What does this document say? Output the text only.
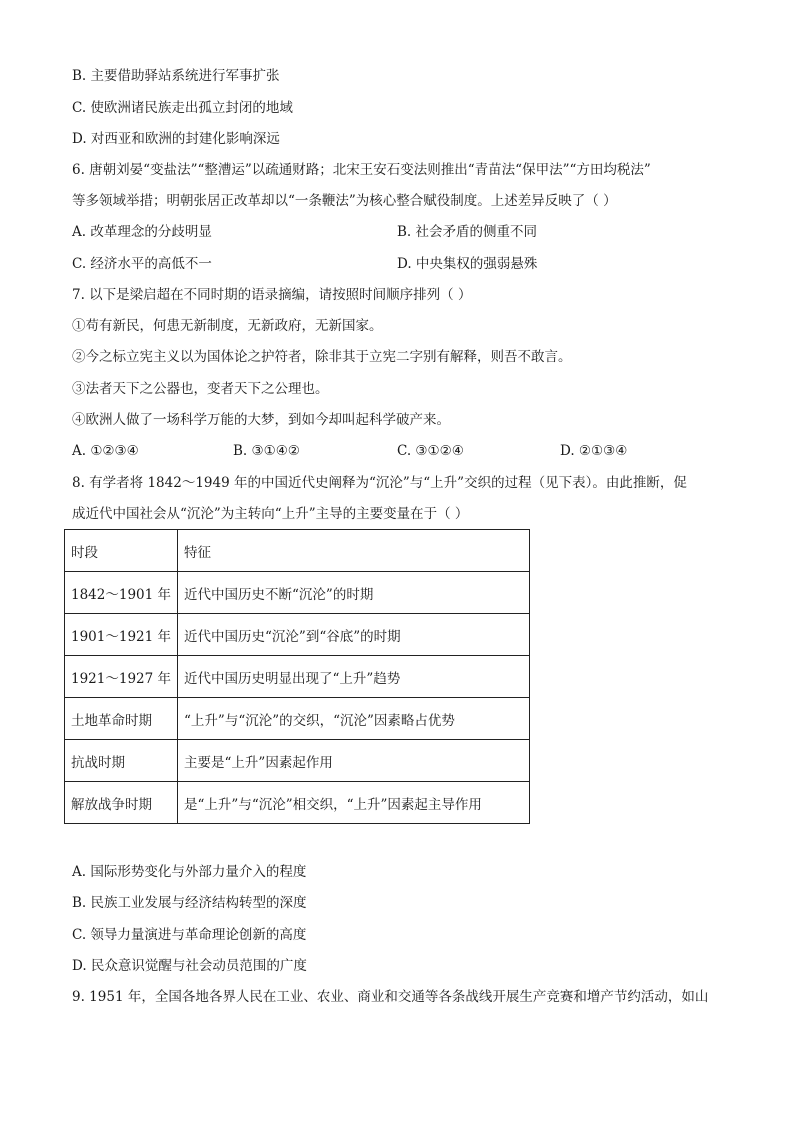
B. 主要借助驿站系统进行军事扩张
C. 使欧洲诸民族走出孤立封闭的地域
D. 对西亚和欧洲的封建化影响深远
6. 唐朝刘晏“变盐法”“整漕运”以疏通财路；北宋王安石变法则推出“青苗法“保甲法”“方田均税法”
等多领域举措；明朝张居正改革却以“一条鞭法”为核心整合赋役制度。上述差异反映了（ ）
A. 改革理念的分歧明显	B. 社会矛盾的侧重不同
C. 经济水平的高低不一	D. 中央集权的强弱悬殊
7. 以下是梁启超在不同时期的语录摘编，请按照时间顺序排列（ ）
①苟有新民，何患无新制度，无新政府，无新国家。
②今之标立宪主义以为国体论之护符者，除非其于立宪二字别有解释，则吾不敢言。
③法者天下之公器也，变者天下之公理也。
④欧洲人做了一场科学万能的大梦，到如今却叫起科学破产来。
A. ①②③④	B. ③①④②	C. ③①②④	D. ②①③④
8. 有学者将 1842～1949 年的中国近代史阐释为“沉沦”与“上升”交织的过程（见下表）。由此推断，促
成近代中国社会从“沉沦”为主转向“上升”主导的主要变量在于（ ）
时段	特征
1842～1901 年	近代中国历史不断“沉沦”的时期
1901～1921 年	近代中国历史“沉沦”到“谷底”的时期
1921～1927 年	近代中国历史明显出现了“上升”趋势
土地革命时期	“上升”与“沉沦”的交织，“沉沦”因素略占优势
抗战时期	主要是“上升”因素起作用
解放战争时期	是“上升”与“沉沦”相交织，“上升”因素起主导作用
A. 国际形势变化与外部力量介入的程度
B. 民族工业发展与经济结构转型的深度
C. 领导力量演进与革命理论创新的高度
D. 民众意识觉醒与社会动员范围的广度
9. 1951 年，全国各地各界人民在工业、农业、商业和交通等各条战线开展生产竞赛和增产节约活动，如山
